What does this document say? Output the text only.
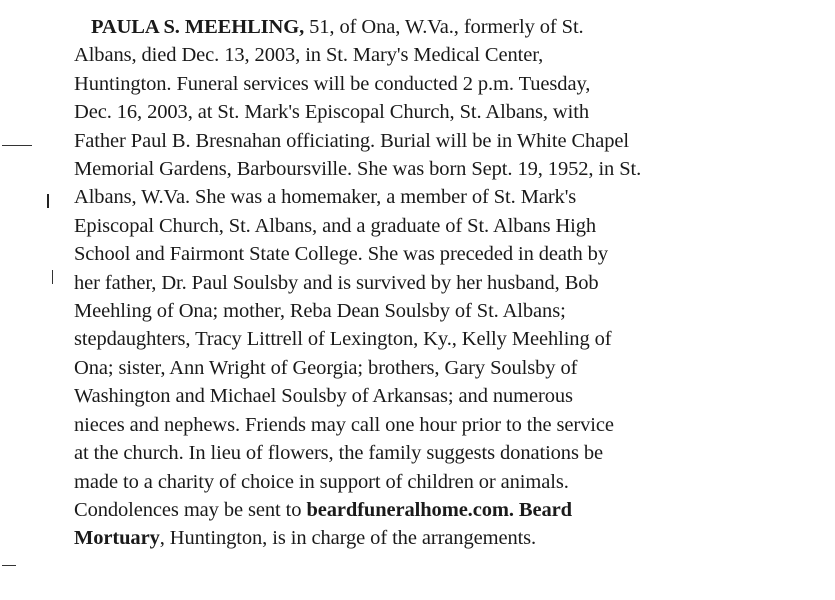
PAULA S. MEEHLING, 51, of Ona, W.Va., formerly of St.
Albans, died Dec. 13, 2003, in St. Mary's Medical Center,
Huntington. Funeral services will be conducted 2 p.m. Tuesday,
Dec. 16, 2003, at St. Mark's Episcopal Church, St. Albans, with
Father Paul B. Bresnahan officiating. Burial will be in White Chapel
Memorial Gardens, Barboursville. She was born Sept. 19, 1952, in St.
Albans, W.Va. She was a homemaker, a member of St. Mark's
Episcopal Church, St. Albans, and a graduate of St. Albans High
School and Fairmont State College. She was preceded in death by
her father, Dr. Paul Soulsby and is survived by her husband, Bob
Meehling of Ona; mother, Reba Dean Soulsby of St. Albans;
stepdaughters, Tracy Littrell of Lexington, Ky., Kelly Meehling of
Ona; sister, Ann Wright of Georgia; brothers, Gary Soulsby of
Washington and Michael Soulsby of Arkansas; and numerous
nieces and nephews. Friends may call one hour prior to the service
at the church. In lieu of flowers, the family suggests donations be
made to a charity of choice in support of children or animals.
Condolences may be sent to beardfuneralhome.com. Beard
Mortuary, Huntington, is in charge of the arrangements.
